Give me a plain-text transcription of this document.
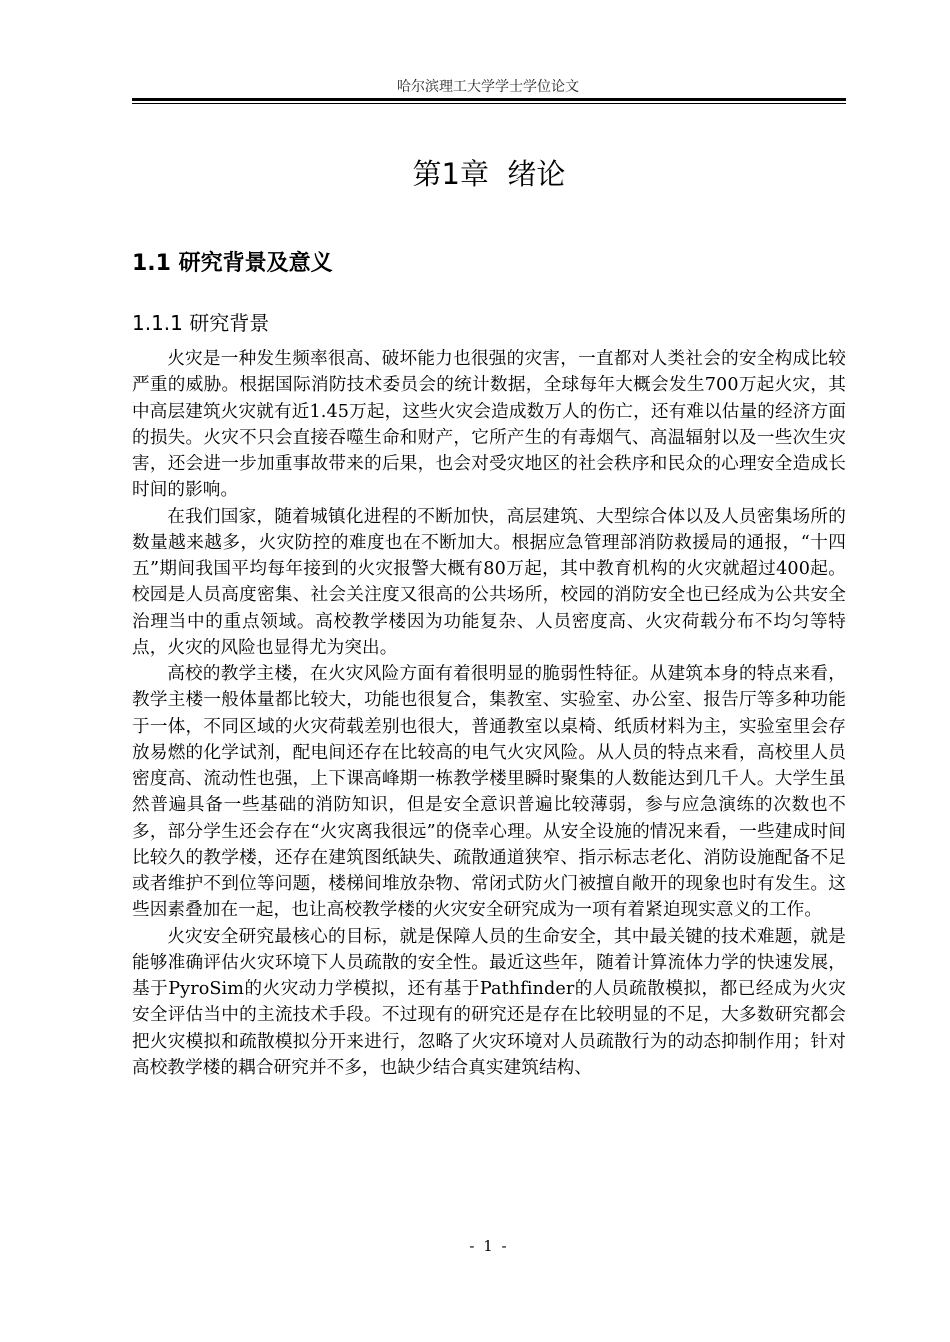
哈尔滨理工大学学士学位论文
第1章  绪论
1.1 研究背景及意义
1.1.1 研究背景

火灾是一种发生频率很高、破坏能力也很强的灾害，一直都对人类社会的安全构成比较严重的威胁。根据国际消防技术委员会的统计数据，全球每年大概会发生700万起火灾，其中高层建筑火灾就有近1.45万起，这些火灾会造成数万人的伤亡，还有难以估量的经济方面的损失。火灾不只会直接吞噬生命和财产，它所产生的有毒烟气、高温辐射以及一些次生灾害，还会进一步加重事故带来的后果，也会对受灾地区的社会秩序和民众的心理安全造成长时间的影响。

在我们国家，随着城镇化进程的不断加快，高层建筑、大型综合体以及人员密集场所的数量越来越多，火灾防控的难度也在不断加大。根据应急管理部消防救援局的通报，“十四五”期间我国平均每年接到的火灾报警大概有80万起，其中教育机构的火灾就超过400起。校园是人员高度密集、社会关注度又很高的公共场所，校园的消防安全也已经成为公共安全治理当中的重点领域。高校教学楼因为功能复杂、人员密度高、火灾荷载分布不均匀等特点，火灾的风险也显得尤为突出。

高校的教学主楼，在火灾风险方面有着很明显的脆弱性特征。从建筑本身的特点来看，教学主楼一般体量都比较大，功能也很复合，集教室、实验室、办公室、报告厅等多种功能于一体，不同区域的火灾荷载差别也很大，普通教室以桌椅、纸质材料为主，实验室里会存放易燃的化学试剂，配电间还存在比较高的电气火灾风险。从人员的特点来看，高校里人员密度高、流动性也强，上下课高峰期一栋教学楼里瞬时聚集的人数能达到几千人。大学生虽然普遍具备一些基础的消防知识，但是安全意识普遍比较薄弱，参与应急演练的次数也不多，部分学生还会存在“火灾离我很远”的侥幸心理。从安全设施的情况来看，一些建成时间比较久的教学楼，还存在建筑图纸缺失、疏散通道狭窄、指示标志老化、消防设施配备不足或者维护不到位等问题，楼梯间堆放杂物、常闭式防火门被擅自敞开的现象也时有发生。这些因素叠加在一起，也让高校教学楼的火灾安全研究成为一项有着紧迫现实意义的工作。

火灾安全研究最核心的目标，就是保障人员的生命安全，其中最关键的技术难题，就是能够准确评估火灾环境下人员疏散的安全性。最近这些年，随着计算流体力学的快速发展，基于PyroSim的火灾动力学模拟，还有基于Pathfinder的人员疏散模拟，都已经成为火灾安全评估当中的主流技术手段。不过现有的研究还是存在比较明显的不足，大多数研究都会把火灾模拟和疏散模拟分开来进行，忽略了火灾环境对人员疏散行为的动态抑制作用；针对高校教学楼的耦合研究并不多，也缺少结合真实建筑结构、

- 1 -
